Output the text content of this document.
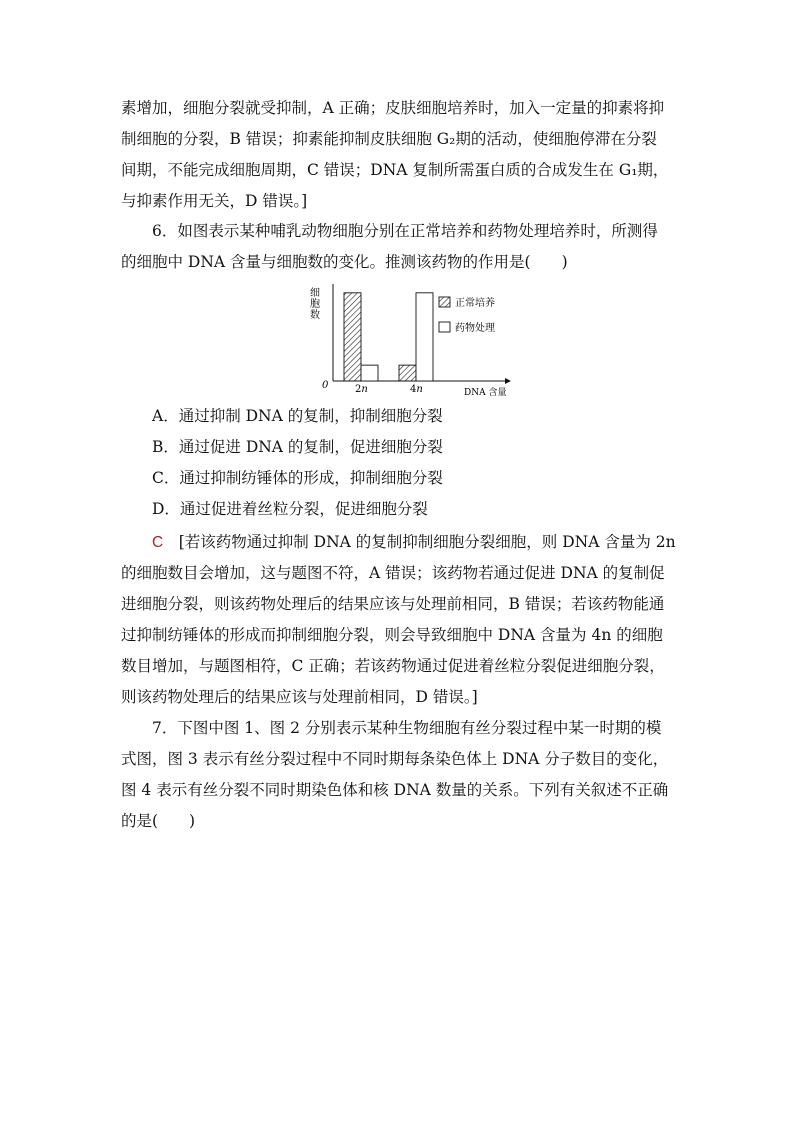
素增加，细胞分裂就受抑制，A 正确；皮肤细胞培养时，加入一定量的抑素将抑
制细胞的分裂，B 错误；抑素能抑制皮肤细胞 G₂期的活动，使细胞停滞在分裂
间期，不能完成细胞周期，C 错误；DNA 复制所需蛋白质的合成发生在 G₁期，
与抑素作用无关，D 错误。]
6．如图表示某种哺乳动物细胞分别在正常培养和药物处理培养时，所测得
的细胞中 DNA 含量与细胞数的变化。推测该药物的作用是(　　)
细
胞
数
0	2n	4n	DNA 含量
正常培养
药物处理

A．通过抑制 DNA 的复制，抑制细胞分裂

B．通过促进 DNA 的复制，促进细胞分裂

C．通过抑制纺锤体的形成，抑制细胞分裂

D．通过促进着丝粒分裂，促进细胞分裂

C   [若该药物通过抑制 DNA 的复制抑制细胞分裂细胞，则 DNA 含量为 2n
的细胞数目会增加，这与题图不符，A 错误；该药物若通过促进 DNA 的复制促
进细胞分裂，则该药物处理后的结果应该与处理前相同，B 错误；若该药物能通
过抑制纺锤体的形成而抑制细胞分裂，则会导致细胞中 DNA 含量为 4n 的细胞
数目增加，与题图相符，C 正确；若该药物通过促进着丝粒分裂促进细胞分裂，
则该药物处理后的结果应该与处理前相同，D 错误。]
7．下图中图 1、图 2 分别表示某种生物细胞有丝分裂过程中某一时期的模
式图，图 3 表示有丝分裂过程中不同时期每条染色体上 DNA 分子数目的变化，
图 4 表示有丝分裂不同时期染色体和核 DNA 数量的关系。下列有关叙述不正确
的是(　　)
